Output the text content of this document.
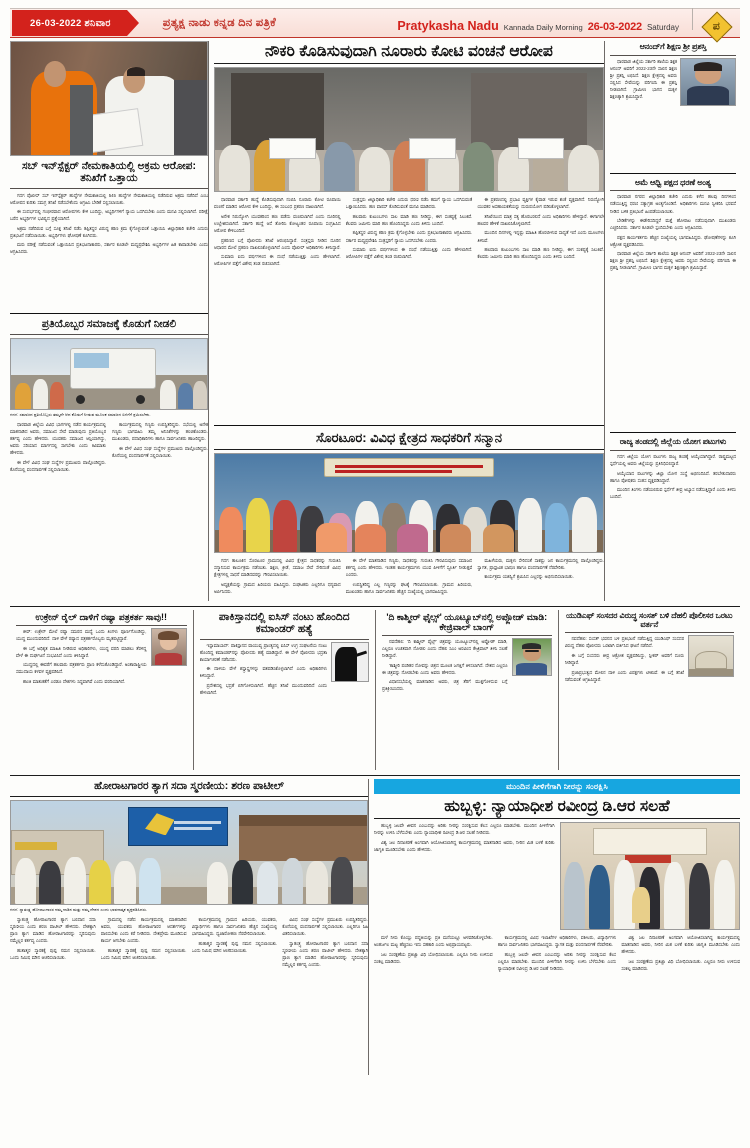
26-03-2022 ಶನಿವಾರ	ಪ್ರತ್ಯಕ್ಷ ನಾಡು ಕನ್ನಡ ದಿನ ಪತ್ರಿಕೆ	Pratykasha Nadu Kannada Daily Morning 26-03-2022 Saturday	ಪ
ಸಬ್ ಇನ್‌ಸ್ಪೆಕ್ಟರ್ ನೇಮಕಾತಿಯಲ್ಲಿ ಅಕ್ರಮ ಆರೋಪ: ತನಿಖೆಗೆ ಒತ್ತಾಯ

ಗದಗ ಪೊಲೀಸ್ ಸಬ್ ಇನ್‌ಸ್ಪೆಕ್ಟರ್ ಹುದ್ದೆಗಳ ನೇಮಕಾತಿಯಲ್ಲಿ 545 ಹುದ್ದೆಗಳ ನೇಮಕಾತಿಯಲ್ಲಿ ನಡೆದಿರುವ ಅಕ್ರಮ ನಡೆದಿದೆ ಎಂಬ ಆರೋಪದ ಕುರಿತು ಸಮಗ್ರ ತನಿಖೆ ನಡೆಸಬೇಕೆಂದು ಆಗ್ರಹಿಸಿ ಬೇಡಿಕೆ ಸಲ್ಲಿಸಲಾಯಿತು.

ಈ ಸಂದರ್ಭದಲ್ಲಿ ಗಂಭೀರವಾದ ಆರೋಪಗಳು ಕೇಳಿ ಬಂದಿದ್ದು, ಅಭ್ಯರ್ಥಿಗಳಿಗೆ ನ್ಯಾಯ ಒದಗಿಸಬೇಕು ಎಂದು ಮನವಿ ಸಲ್ಲಿಸಲಾಗಿದೆ. ಪರೀಕ್ಷೆ ಬರೆದ ಅಭ್ಯರ್ಥಿಗಳ ಭವಿಷ್ಯದ ಪ್ರಶ್ನೆಯಾಗಿದೆ.

ಅಕ್ರಮ ನಡೆದಿರುವ ಬಗ್ಗೆ ಸೂಕ್ತ ತನಿಖೆ ನಡೆಸಿ ತಪ್ಪಿತಸ್ಥರ ವಿರುದ್ಧ ಕಠಿಣ ಕ್ರಮ ಕೈಗೊಳ್ಳುವಂತೆ ಒತ್ತಾಯಿಸಿ ಜಿಲ್ಲಾಧಿಕಾರಿ ಕಚೇರಿ ಎದುರು ಪ್ರತಿಭಟನೆ ನಡೆಸಲಾಯಿತು. ಅಭ್ಯರ್ಥಿಗಳು ಘೋಷಣೆ ಕೂಗಿದರು.

ಮರು ಪರೀಕ್ಷೆ ನಡೆಸುವಂತೆ ಒತ್ತಾಯಿಸಿದ ಪ್ರತಿಭಟನಾಕಾರರು, ಸರ್ಕಾರ ಕೂಡಲೇ ಮಧ್ಯಪ್ರವೇಶಿಸಿ ಅಭ್ಯರ್ಥಿಗಳ ಹಿತ ಕಾಪಾಡಬೇಕು ಎಂದು ಆಗ್ರಹಿಸಿದರು.

ಪ್ರತಿಯೊಬ್ಬರ ಸಮಾಜಕ್ಕೆ ಕೊಡುಗೆ ನೀಡಲಿ
ಗದಗ: ಸಮಾಜದ ಪ್ರತಿಯೊಬ್ಬರು ತಮ್ಮದೇ ಆದ ಕೊಡುಗೆ ನೀಡುವ ಮೂಲಕ ಸಮಾಜದ ಏಳಿಗೆಗೆ ಶ್ರಮಿಸಬೇಕು.

ಧಾರವಾಡ ಜಿಲ್ಲೆಯ ವಿವಿಧ ಭಾಗಗಳಲ್ಲಿ ನಡೆದ ಕಾರ್ಯಕ್ರಮದಲ್ಲಿ ಮಾತನಾಡಿದ ಅವರು, ಸಮಾಜದ ಸೇವೆ ಮಾಡುವುದು ಪ್ರತಿಯೊಬ್ಬರ ಕರ್ತವ್ಯ ಎಂದು ಹೇಳಿದರು. ಯುವಕರು ಸಮಾಜದ ಆಸ್ತಿಯಾಗಿದ್ದು, ಅವರು ಸರಿಯಾದ ಮಾರ್ಗದಲ್ಲಿ ಸಾಗಬೇಕು ಎಂದು ಕಿವಿಮಾತು ಹೇಳಿದರು.

ಈ ವೇಳೆ ವಿವಿಧ ಸಂಘ ಸಂಸ್ಥೆಗಳ ಪ್ರಮುಖರು ಪಾಲ್ಗೊಂಡಿದ್ದರು. ಕೊನೆಯಲ್ಲಿ ವಂದನಾರ್ಪಣೆ ಸಲ್ಲಿಸಲಾಯಿತು.

ಕಾರ್ಯಕ್ರಮದಲ್ಲಿ ಗಣ್ಯರು ಉಪಸ್ಥಿತರಿದ್ದರು. ಸಭೆಯಲ್ಲಿ ಅನೇಕ ಗಣ್ಯರು ಭಾಗವಹಿಸಿ ತಮ್ಮ ಅನಿಸಿಕೆಗಳನ್ನು ಹಂಚಿಕೊಂಡರು. ಮುಖಂಡರು, ಪದಾಧಿಕಾರಿಗಳು ಹಾಗೂ ಸಾರ್ವಜನಿಕರು ಹಾಜರಿದ್ದರು.

ಈ ವೇಳೆ ವಿವಿಧ ಸಂಘ ಸಂಸ್ಥೆಗಳ ಪ್ರಮುಖರು ಪಾಲ್ಗೊಂಡಿದ್ದರು. ಕೊನೆಯಲ್ಲಿ ವಂದನಾರ್ಪಣೆ ಸಲ್ಲಿಸಲಾಯಿತು.

ನೌಕರಿ ಕೊಡಿಸುವುದಾಗಿ ನೂರಾರು ಕೋಟಿ ವಂಚನೆ ಆರೋಪ

ಧಾರವಾಡ ಸರ್ಕಾರಿ ಹುದ್ದೆ ಕೊಡಿಸುವುದಾಗಿ ನಂಬಿಸಿ ನೂರಾರು ಕೋಟಿ ರೂಪಾಯಿ ವಂಚನೆ ಮಾಡಿದ ಆರೋಪ ಕೇಳಿ ಬಂದಿದ್ದು, ಈ ಸಂಬಂಧ ಪ್ರಕರಣ ದಾಖಲಾಗಿದೆ.

ಅನೇಕ ನಿರುದ್ಯೋಗಿ ಯುವಕರಿಂದ ಹಣ ಪಡೆದು ವಂಚಿಸಲಾಗಿದೆ ಎಂದು ದೂರಿನಲ್ಲಿ ಉಲ್ಲೇಖಿಸಲಾಗಿದೆ. ಸರ್ಕಾರಿ ಹುದ್ದೆ ಆಸೆ ತೋರಿಸಿ ಕೋಟ್ಯಂತರ ರೂಪಾಯಿ ಸಂಗ್ರಹಿಸಿದ ಆರೋಪ ಕೇಳಿಬಂದಿದೆ.

ಪ್ರಕರಣದ ಬಗ್ಗೆ ಪೊಲೀಸರು ತನಿಖೆ ಆರಂಭಿಸಿದ್ದಾರೆ. ಸಂತ್ರಸ್ತರು ನೀಡಿದ ದೂರಿನ ಆಧಾರದ ಮೇಲೆ ಪ್ರಕರಣ ದಾಖಲಿಸಿಕೊಳ್ಳಲಾಗಿದೆ ಎಂದು ಪೊಲೀಸ್ ಅಧಿಕಾರಿಗಳು ತಿಳಿಸಿದ್ದಾರೆ.

ಸುಮಾರು ಐದು ವರ್ಷಗಳಿಂದ ಈ ದಂಧೆ ನಡೆಯುತ್ತಿತ್ತು ಎಂದು ಹೇಳಲಾಗಿದೆ. ಆರೋಪಿಗಳ ಪತ್ತೆಗೆ ವಿಶೇಷ ತಂಡ ರಚಿಸಲಾಗಿದೆ.

ಸಂತ್ರಸ್ತರು ಜಿಲ್ಲಾಧಿಕಾರಿ ಕಚೇರಿ ಎದುರು ಧರಣಿ ನಡೆಸಿ ತಮಗೆ ನ್ಯಾಯ ಒದಗಿಸುವಂತೆ ಒತ್ತಾಯಿಸಿದರು. ಹಣ ವಾಪಸ್ ಕೊಡಿಸುವಂತೆ ಮನವಿ ಮಾಡಿದರು.

ಹಲವಾರು ಕುಟುಂಬಗಳು ಸಾಲ ಮಾಡಿ ಹಣ ನೀಡಿದ್ದು, ಈಗ ಸಂಕಷ್ಟಕ್ಕೆ ಸಿಲುಕಿವೆ. ಕೆಲವರು ಜಮೀನು ಮಾರಿ ಹಣ ಹೊಂದಿಸಿದ್ದರು ಎಂದು ತಿಳಿದು ಬಂದಿದೆ.

ತಪ್ಪಿತಸ್ಥರ ವಿರುದ್ಧ ಕಠಿಣ ಕ್ರಮ ಕೈಗೊಳ್ಳಬೇಕು ಎಂದು ಪ್ರತಿಭಟನಾಕಾರರು ಆಗ್ರಹಿಸಿದರು. ಸರ್ಕಾರ ಮಧ್ಯಪ್ರವೇಶಿಸಿ ಸಂತ್ರಸ್ತರಿಗೆ ನ್ಯಾಯ ಒದಗಿಸಬೇಕು ಎಂದರು.

ಸುಮಾರು ಐದು ವರ್ಷಗಳಿಂದ ಈ ದಂಧೆ ನಡೆಯುತ್ತಿತ್ತು ಎಂದು ಹೇಳಲಾಗಿದೆ. ಆರೋಪಿಗಳ ಪತ್ತೆಗೆ ವಿಶೇಷ ತಂಡ ರಚಿಸಲಾಗಿದೆ.

ಈ ಪ್ರಕರಣದಲ್ಲಿ ಪ್ರಭಾವಿ ವ್ಯಕ್ತಿಗಳ ಕೈವಾಡ ಇರುವ ಶಂಕೆ ವ್ಯಕ್ತವಾಗಿದೆ. ನಿರುದ್ಯೋಗಿ ಯುವಕರ ಅಸಹಾಯಕತೆಯನ್ನು ದುರುಪಯೋಗ ಪಡಿಸಿಕೊಳ್ಳಲಾಗಿದೆ.

ತನಿಖೆಯಿಂದ ಮಾತ್ರ ಸತ್ಯ ಹೊರಬರಲಿದೆ ಎಂದು ಅಧಿಕಾರಿಗಳು ಹೇಳಿದ್ದಾರೆ. ಈಗಾಗಲೇ ಹಲವರ ಹೇಳಿಕೆ ದಾಖಲಿಸಿಕೊಳ್ಳಲಾಗಿದೆ.

ಮುಂದಿನ ದಿನಗಳಲ್ಲಿ ಇನ್ನಷ್ಟು ಮಾಹಿತಿ ಹೊರಬೀಳುವ ಸಾಧ್ಯತೆ ಇದೆ ಎಂದು ಮೂಲಗಳು ತಿಳಿಸಿವೆ.

ಹಲವಾರು ಕುಟುಂಬಗಳು ಸಾಲ ಮಾಡಿ ಹಣ ನೀಡಿದ್ದು, ಈಗ ಸಂಕಷ್ಟಕ್ಕೆ ಸಿಲುಕಿವೆ. ಕೆಲವರು ಜಮೀನು ಮಾರಿ ಹಣ ಹೊಂದಿಸಿದ್ದರು ಎಂದು ತಿಳಿದು ಬಂದಿದೆ.

ಸೊರಟೂರ: ವಿವಿಧ ಕ್ಷೇತ್ರದ ಸಾಧಕರಿಗೆ ಸನ್ಮಾನ

ಗದಗ ತಾಲೂಕಿನ ಸೊರಟೂರ ಗ್ರಾಮದಲ್ಲಿ ವಿವಿಧ ಕ್ಷೇತ್ರದ ಸಾಧಕರನ್ನು ಗುರುತಿಸಿ ಸನ್ಮಾನಿಸುವ ಕಾರ್ಯಕ್ರಮ ನಡೆಯಿತು. ಶಿಕ್ಷಣ, ಕ್ರೀಡೆ, ಸಮಾಜ ಸೇವೆ ಸೇರಿದಂತೆ ವಿವಿಧ ಕ್ಷೇತ್ರಗಳಲ್ಲಿ ಸಾಧನೆ ಮಾಡಿದವರನ್ನು ಗೌರವಿಸಲಾಯಿತು.

ಅಧ್ಯಕ್ಷತೆಯನ್ನು ಗ್ರಾಮದ ಹಿರಿಯರು ವಹಿಸಿದ್ದರು. ಸಂಘಟಕರು ಎಲ್ಲರಿಗೂ ಧನ್ಯವಾದ ಅರ್ಪಿಸಿದರು.

ಈ ವೇಳೆ ಮಾತನಾಡಿದ ಗಣ್ಯರು, ಸಾಧಕರನ್ನು ಗುರುತಿಸಿ ಗೌರವಿಸುವುದು ಸಮಾಜದ ಕರ್ತವ್ಯ ಎಂದು ಹೇಳಿದರು. ಇಂತಹ ಕಾರ್ಯಕ್ರಮಗಳು ಯುವ ಪೀಳಿಗೆಗೆ ಸ್ಫೂರ್ತಿ ನೀಡುತ್ತವೆ ಎಂದರು.

ಉಪಸ್ಥಿತರಿದ್ದ ಎಲ್ಲ ಗಣ್ಯರನ್ನು ಘಟಕ್ಕೆ ಗೌರವಿಸಲಾಯಿತು. ಗ್ರಾಮದ ಹಿರಿಯರು, ಮುಖಂಡರು ಹಾಗೂ ಸಾರ್ವಜನಿಕರು ಹೆಚ್ಚಿನ ಸಂಖ್ಯೆಯಲ್ಲಿ ಭಾಗವಹಿಸಿದ್ದರು.

ಮಹಿಳೆಯರು, ಮಕ್ಕಳು ಸೇರಿದಂತೆ ಸಾಕಷ್ಟು ಜನ ಕಾರ್ಯಕ್ರಮದಲ್ಲಿ ಪಾಲ್ಗೊಂಡಿದ್ದರು. ಸ್ವಾಗತ, ಪ್ರಾಸ್ತಾವಿಕ ಭಾಷಣ ಹಾಗೂ ವಂದನಾರ್ಪಣೆ ನೆರವೇರಿತು.

ಕಾರ್ಯಕ್ರಮ ಯಶಸ್ವಿಗೆ ಶ್ರಮಿಸಿದ ಎಲ್ಲರನ್ನು ಅಭಿನಂದಿಸಲಾಯಿತು.

ಆನಂದ್‌ಗೆ ಶಿಕ್ಷಣ ಶ್ರೀ ಪ್ರಶಸ್ತಿ

ಧಾರವಾಡ ಜಿಲ್ಲೆಯ ಸರ್ಕಾರಿ ಶಾಲೆಯ ಶಿಕ್ಷಕ ಆನಂದ್ ಅವರಿಗೆ 2022-23ನೇ ಸಾಲಿನ ಶಿಕ್ಷಣ ಶ್ರೀ ಪ್ರಶಸ್ತಿ ಲಭಿಸಿದೆ. ಶಿಕ್ಷಣ ಕ್ಷೇತ್ರದಲ್ಲಿ ಅವರು ಸಲ್ಲಿಸಿದ ಸೇವೆಯನ್ನು ಪರಿಗಣಿಸಿ ಈ ಪ್ರಶಸ್ತಿ ನೀಡಲಾಗಿದೆ. ಗ್ರಾಮೀಣ ಭಾಗದ ಮಕ್ಕಳ ಶಿಕ್ಷಣಕ್ಕಾಗಿ ಶ್ರಮಿಸಿದ್ದಾರೆ.

ಅಮೆ ಆಧ್ವಿ ಪಕ್ಷದ ಧರಣೆ ಅಂತ್ಯ

ಧಾರವಾಡ ನಗರದ ಜಿಲ್ಲಾಧಿಕಾರಿ ಕಚೇರಿ ಎದುರು ಕಳೆದ ಹಲವು ದಿನಗಳಿಂದ ನಡೆಯುತ್ತಿದ್ದ ಧರಣಿ ಸತ್ಯಾಗ್ರಹ ಅಂತ್ಯಗೊಂಡಿದೆ. ಅಧಿಕಾರಿಗಳು ಮನವಿ ಸ್ವೀಕರಿಸಿ ಭರವಸೆ ನೀಡಿದ ಬಳಿಕ ಪ್ರತಿಭಟನೆ ಹಿಂಪಡೆಯಲಾಯಿತು.

ಬೇಡಿಕೆಗಳನ್ನು ಈಡೇರಿಸದಿದ್ದರೆ ಮತ್ತೆ ಹೋರಾಟ ನಡೆಸುವುದಾಗಿ ಮುಖಂಡರು ಎಚ್ಚರಿಸಿದರು. ಸರ್ಕಾರ ಕೂಡಲೇ ಸ್ಪಂದಿಸಬೇಕು ಎಂದು ಆಗ್ರಹಿಸಿದರು.

ಪಕ್ಷದ ಕಾರ್ಯಕರ್ತರು ಹೆಚ್ಚಿನ ಸಂಖ್ಯೆಯಲ್ಲಿ ಭಾಗವಹಿಸಿದ್ದರು. ಘೋಷಣೆಗಳನ್ನು ಕೂಗಿ ಆಕ್ರೋಶ ವ್ಯಕ್ತಪಡಿಸಿದರು.

ಧಾರವಾಡ ಜಿಲ್ಲೆಯ ಸರ್ಕಾರಿ ಶಾಲೆಯ ಶಿಕ್ಷಕ ಆನಂದ್ ಅವರಿಗೆ 2022-23ನೇ ಸಾಲಿನ ಶಿಕ್ಷಣ ಶ್ರೀ ಪ್ರಶಸ್ತಿ ಲಭಿಸಿದೆ. ಶಿಕ್ಷಣ ಕ್ಷೇತ್ರದಲ್ಲಿ ಅವರು ಸಲ್ಲಿಸಿದ ಸೇವೆಯನ್ನು ಪರಿಗಣಿಸಿ ಈ ಪ್ರಶಸ್ತಿ ನೀಡಲಾಗಿದೆ. ಗ್ರಾಮೀಣ ಭಾಗದ ಮಕ್ಕಳ ಶಿಕ್ಷಣಕ್ಕಾಗಿ ಶ್ರಮಿಸಿದ್ದಾರೆ.

ರಾಜ್ಯ ತಂಡದಲ್ಲಿ ಜಿಲ್ಲೆಯ ಯೋಗ ಪಟುಗಳು

ಗದಗ ಜಿಲ್ಲೆಯ ಯೋಗ ಪಟುಗಳು ರಾಜ್ಯ ತಂಡಕ್ಕೆ ಆಯ್ಕೆಯಾಗಿದ್ದಾರೆ. ರಾಷ್ಟ್ರಮಟ್ಟದ ಸ್ಪರ್ಧೆಯಲ್ಲಿ ಅವರು ಜಿಲ್ಲೆಯನ್ನು ಪ್ರತಿನಿಧಿಸಲಿದ್ದಾರೆ.

ಆಯ್ಕೆಯಾದ ಪಟುಗಳನ್ನು ಜಿಲ್ಲಾ ಯೋಗ ಸಂಸ್ಥೆ ಅಭಿನಂದಿಸಿದೆ. ತರಬೇತುದಾರರು ಹಾಗೂ ಪೋಷಕರು ಸಂತಸ ವ್ಯಕ್ತಪಡಿಸಿದ್ದಾರೆ.

ಮುಂದಿನ ತಿಂಗಳು ನಡೆಯಲಿರುವ ಸ್ಪರ್ಧೆಗೆ ತೀವ್ರ ಅಭ್ಯಾಸ ನಡೆಸುತ್ತಿದ್ದಾರೆ ಎಂದು ತಿಳಿದು ಬಂದಿದೆ.

ಉಕ್ರೇನ್ ರೈಲ್ ದಾಳಿಗೆ ರಷ್ಯಾ ಪತ್ರಕರ್ತ ಸಾವು!!

ಕೀವ್: ಉಕ್ರೇನ್ ಮೇಲೆ ರಷ್ಯಾ ಸಮರದ ಮಧ್ಯೆ ಒಂದು ತಿಂಗಳು ಪೂರ್ಣಗೊಂಡಿದ್ದು, ಯುದ್ಧ ಮುಂದುವರಿದಿದೆ. ದಾಳಿ ವೇಳೆ ರಷ್ಯಾದ ಪತ್ರಕರ್ತರೊಬ್ಬರು ಮೃತಪಟ್ಟಿದ್ದಾರೆ.

ಈ ಬಗ್ಗೆ ಅಧಿಕೃತ ಮಾಹಿತಿ ನೀಡಿರುವ ಅಧಿಕಾರಿಗಳು, ಯುದ್ಧ ವರದಿ ಮಾಡಲು ತೆರಳಿದ್ದ ವೇಳೆ ಈ ದುರ್ಘಟನೆ ಸಂಭವಿಸಿದೆ ಎಂದು ತಿಳಿಸಿದ್ದಾರೆ.

ಯುದ್ಧದಲ್ಲಿ ಈವರೆಗೆ ಹಲವಾರು ಪತ್ರಕರ್ತರು ಪ್ರಾಣ ಕಳೆದುಕೊಂಡಿದ್ದಾರೆ. ಅಂತಾರಾಷ್ಟ್ರೀಯ ಸಮುದಾಯ ಕಳವಳ ವ್ಯಕ್ತಪಡಿಸಿದೆ.

ಶಾಂತಿ ಮಾತುಕತೆಗೆ ಎರಡೂ ದೇಶಗಳು ಸಿದ್ಧವಾಗಿವೆ ಎಂದು ವರದಿಯಾಗಿದೆ.

ಪಾಕಿಸ್ತಾನದಲ್ಲಿ ಐಸಿಸ್ ನಂಟು ಹೊಂದಿದ ಕಮಾಂಡರ್ ಹತ್ಯೆ

ಇಸ್ಲಾಮಾಬಾದ್: ಪಾಕಿಸ್ತಾನದ ವಾಯುವ್ಯ ಪ್ರಾಂತ್ಯದಲ್ಲಿ ಐಸಿಸ್ ಉಗ್ರ ಸಂಘಟನೆಯ ನಂಟು ಹೊಂದಿದ್ದ ಕಮಾಂಡರ್‌ನನ್ನು ಪೊಲೀಸರು ಹತ್ಯೆ ಮಾಡಿದ್ದಾರೆ. ಈ ವೇಳೆ ಪೊಲೀಸರು ಭದ್ರತಾ ಕಾರ್ಯಾಚರಣೆ ನಡೆಸಿದರು.

ಈ ದಾಳಿಯ ವೇಳೆ ಶಸ್ತ್ರಾಸ್ತ್ರಗಳನ್ನು ವಶಪಡಿಸಿಕೊಳ್ಳಲಾಗಿದೆ ಎಂದು ಅಧಿಕಾರಿಗಳು ತಿಳಿಸಿದ್ದಾರೆ.

ಪ್ರದೇಶದಲ್ಲಿ ಭದ್ರತೆ ಬಿಗಿಗೊಳಿಸಲಾಗಿದೆ. ಹೆಚ್ಚಿನ ತನಿಖೆ ಮುಂದುವರಿದಿದೆ ಎಂದು ಹೇಳಲಾಗಿದೆ.

'ದಿ ಕಾಶ್ಮೀರ್ ಫೈಲ್ಸ್' ಯೂಟ್ಯೂಬ್‌ನಲ್ಲಿ ಅಪ್ಲೋಡ್ ಮಾಡಿ: ಕೇಜ್ರಿವಾಲ್ ಬಾಂಗ್

ನವದೆಹಲಿ: 'ದಿ ಕಾಶ್ಮೀರ್ ಫೈಲ್ಸ್' ಚಿತ್ರವನ್ನು ಯೂಟ್ಯೂಬ್‌ನಲ್ಲಿ ಅಪ್ಲೋಡ್ ಮಾಡಿ, ಎಲ್ಲರೂ ಉಚಿತವಾಗಿ ನೋಡಲಿ ಎಂದು ದೆಹಲಿ ಸಿಎಂ ಅರವಿಂದ ಕೇಜ್ರಿವಾಲ್ ತಿಳಿಸಿ ಸಲಹೆ ನೀಡಿದ್ದಾರೆ.

'ಕಾಶ್ಮೀರಿ ಪಂಡಿತರ ನೋವನ್ನು ಚಿತ್ರದ ಮೂಲಕ ಜಗತ್ತಿಗೆ ತಿಳಿಸಲಾಗಿದೆ. ದೇಶದ ಎಲ್ಲರೂ ಈ ಚಿತ್ರವನ್ನು ನೋಡಬೇಕು ಎಂದು ಅವರು ಹೇಳಿದರು.

ವಿಧಾನಸಭೆಯಲ್ಲಿ ಮಾತನಾಡಿದ ಅವರು, ಚಿತ್ರ ತೆರಿಗೆ ಮುಕ್ತಗೊಳಿಸುವ ಬಗ್ಗೆ ಪ್ರತಿಕ್ರಿಯಿಸಿದರು.

ಯುಡಿಎಫ್ ಸಂಸದರ ವಿರುದ್ಧ ಸಂಸತ್ ಬಳಿ ದೆಹಲಿ ಪೊಲೀಸರ ಒರಟು ವರ್ತನೆ

ನವದೆಹಲಿ: ಸಂಸತ್ ಭವನದ ಬಳಿ ಪ್ರತಿಭಟನೆ ನಡೆಸುತ್ತಿದ್ದ ಯುಡಿಎಫ್ ಸಂಸದರ ವಿರುದ್ಧ ದೆಹಲಿ ಪೊಲೀಸರು ಒರಟಾಗಿ ವರ್ತಿಸಿದ ಘಟನೆ ನಡೆದಿದೆ.

ಈ ಬಗ್ಗೆ ಸಂಸದರು ತೀವ್ರ ಆಕ್ರೋಶ ವ್ಯಕ್ತಪಡಿಸಿದ್ದು, ಸ್ಪೀಕರ್ ಅವರಿಗೆ ದೂರು ನೀಡಿದ್ದಾರೆ.

ಪ್ರಜಾಪ್ರಭುತ್ವದ ಮೇಲಿನ ದಾಳಿ ಎಂದು ವಿಪಕ್ಷಗಳು ಟೀಕಿಸಿವೆ. ಈ ಬಗ್ಗೆ ತನಿಖೆ ನಡೆಸುವಂತೆ ಆಗ್ರಹಿಸಿದ್ದಾರೆ.

ಹೋರಾಟಗಾರರ ತ್ಯಾಗ ಸದಾ ಸ್ಮರಣೀಯ: ಶರಣ ಪಾಟೀಲ್
ಗದಗ: ಸ್ವಾತಂತ್ರ್ಯ ಹೋರಾಟಗಾರರ ನಮ್ಮ ನಾಡಿನ ಮತ್ತು ನಮ್ಮ ದೇಶದ ಎಂದು ಭಾವನಾತ್ಮಕ ವ್ಯಕ್ತಪಡಿಸಿದರು.

ಸ್ವಾತಂತ್ರ್ಯ ಹೋರಾಟಗಾರರ ತ್ಯಾಗ ಬಲಿದಾನ ಸದಾ ಸ್ಮರಣೀಯ ಎಂದು ಶರಣ ಪಾಟೀಲ್ ಹೇಳಿದರು. ದೇಶಕ್ಕಾಗಿ ಪ್ರಾಣ ತ್ಯಾಗ ಮಾಡಿದ ಹೋರಾಟಗಾರರನ್ನು ಸ್ಮರಿಸುವುದು ನಮ್ಮೆಲ್ಲರ ಕರ್ತವ್ಯ ಎಂದರು.

ಹುತಾತ್ಮರ ಸ್ಮಾರಕಕ್ಕೆ ಪುಷ್ಪ ನಮನ ಸಲ್ಲಿಸಲಾಯಿತು. ಒಂದು ನಿಮಿಷ ಮೌನ ಆಚರಿಸಲಾಯಿತು.

ಗ್ರಾಮದಲ್ಲಿ ನಡೆದ ಕಾರ್ಯಕ್ರಮದಲ್ಲಿ ಮಾತನಾಡಿದ ಅವರು, ಯುವಕರು ಹೋರಾಟಗಾರರ ಆದರ್ಶಗಳನ್ನು ಪಾಲಿಸಬೇಕು ಎಂದು ಕರೆ ನೀಡಿದರು. ದೇಶಪ್ರೇಮ ಮೂಡಿಸುವ ಕಾರ್ಯ ಆಗಬೇಕು ಎಂದರು.

ಹುತಾತ್ಮರ ಸ್ಮಾರಕಕ್ಕೆ ಪುಷ್ಪ ನಮನ ಸಲ್ಲಿಸಲಾಯಿತು. ಒಂದು ನಿಮಿಷ ಮೌನ ಆಚರಿಸಲಾಯಿತು.

ಕಾರ್ಯಕ್ರಮದಲ್ಲಿ ಗ್ರಾಮದ ಹಿರಿಯರು, ಯುವಕರು, ವಿದ್ಯಾರ್ಥಿಗಳು ಹಾಗೂ ಸಾರ್ವಜನಿಕರು ಹೆಚ್ಚಿನ ಸಂಖ್ಯೆಯಲ್ಲಿ ಭಾಗವಹಿಸಿದ್ದರು. ಧ್ವಜಾರೋಹಣ ನೆರವೇರಿಸಲಾಯಿತು.

ಹುತಾತ್ಮರ ಸ್ಮಾರಕಕ್ಕೆ ಪುಷ್ಪ ನಮನ ಸಲ್ಲಿಸಲಾಯಿತು. ಒಂದು ನಿಮಿಷ ಮೌನ ಆಚರಿಸಲಾಯಿತು.

ವಿವಿಧ ಸಂಘ ಸಂಸ್ಥೆಗಳ ಪ್ರಮುಖರು ಉಪಸ್ಥಿತರಿದ್ದರು. ಕೊನೆಯಲ್ಲಿ ವಂದನಾರ್ಪಣೆ ಸಲ್ಲಿಸಲಾಯಿತು. ಎಲ್ಲರಿಗೂ ಸಿಹಿ ವಿತರಿಸಲಾಯಿತು.

ಸ್ವಾತಂತ್ರ್ಯ ಹೋರಾಟಗಾರರ ತ್ಯಾಗ ಬಲಿದಾನ ಸದಾ ಸ್ಮರಣೀಯ ಎಂದು ಶರಣ ಪಾಟೀಲ್ ಹೇಳಿದರು. ದೇಶಕ್ಕಾಗಿ ಪ್ರಾಣ ತ್ಯಾಗ ಮಾಡಿದ ಹೋರಾಟಗಾರರನ್ನು ಸ್ಮರಿಸುವುದು ನಮ್ಮೆಲ್ಲರ ಕರ್ತವ್ಯ ಎಂದರು.

ಮುಂದಿನ ಪೀಳಿಗೆಗಾಗಿ ನೀರನ್ನು ಸಂರಕ್ಷಿಸಿ
ಹುಬ್ಬಳ್ಳಿ: ನ್ಯಾಯಾಧೀಶ ರವೀಂದ್ರ ಡಿ.ಆರ ಸಲಹೆ

ಹುಬ್ಬಳ್ಳಿ ಜಲವೇ ಜೀವನ ಎಂಬುದನ್ನು ಅರಿತು ನೀರನ್ನು ಸಂರಕ್ಷಿಸುವ ಕೆಲಸ ಎಲ್ಲರೂ ಮಾಡಬೇಕು. ಮುಂದಿನ ಪೀಳಿಗೆಗಾಗಿ ನೀರನ್ನು ಉಳಿಸಿ ಬೆಳೆಸಬೇಕು ಎಂದು ನ್ಯಾಯಾಧೀಶ ರವೀಂದ್ರ ಡಿ.ಆರ ಸಲಹೆ ನೀಡಿದರು.

ವಿಶ್ವ ಜಲ ದಿನಾಚರಣೆ ಅಂಗವಾಗಿ ಆಯೋಜಿಸಲಾಗಿದ್ದ ಕಾರ್ಯಕ್ರಮದಲ್ಲಿ ಮಾತನಾಡಿದ ಅವರು, ನೀರಿನ ಮಿತ ಬಳಕೆ ಕುರಿತು ಜಾಗೃತಿ ಮೂಡಿಸಬೇಕು ಎಂದು ಹೇಳಿದರು.

ಮಳೆ ನೀರು ಕೊಯ್ಲು ಪದ್ಧತಿಯನ್ನು ಪ್ರತಿ ಮನೆಯಲ್ಲೂ ಅಳವಡಿಸಿಕೊಳ್ಳಬೇಕು. ಅಂತರ್ಜಲ ಮಟ್ಟ ಹೆಚ್ಚಿಸಲು ಇದು ಸಹಕಾರಿ ಎಂದು ಅಭಿಪ್ರಾಯಪಟ್ಟರು.

ಜಲ ಸಂರಕ್ಷಣೆಯ ಪ್ರತಿಜ್ಞಾ ವಿಧಿ ಬೋಧಿಸಲಾಯಿತು. ಎಲ್ಲರೂ ನೀರು ಉಳಿಸುವ ಸಂಕಲ್ಪ ಮಾಡಿದರು.

ಕಾರ್ಯಕ್ರಮದಲ್ಲಿ ವಿವಿಧ ಇಲಾಖೆಗಳ ಅಧಿಕಾರಿಗಳು, ವಕೀಲರು, ವಿದ್ಯಾರ್ಥಿಗಳು ಹಾಗೂ ಸಾರ್ವಜನಿಕರು ಭಾಗವಹಿಸಿದ್ದರು. ಸ್ವಾಗತ ಮತ್ತು ವಂದನಾರ್ಪಣೆ ನೆರವೇರಿತು.

ಹುಬ್ಬಳ್ಳಿ ಜಲವೇ ಜೀವನ ಎಂಬುದನ್ನು ಅರಿತು ನೀರನ್ನು ಸಂರಕ್ಷಿಸುವ ಕೆಲಸ ಎಲ್ಲರೂ ಮಾಡಬೇಕು. ಮುಂದಿನ ಪೀಳಿಗೆಗಾಗಿ ನೀರನ್ನು ಉಳಿಸಿ ಬೆಳೆಸಬೇಕು ಎಂದು ನ್ಯಾಯಾಧೀಶ ರವೀಂದ್ರ ಡಿ.ಆರ ಸಲಹೆ ನೀಡಿದರು.

ವಿಶ್ವ ಜಲ ದಿನಾಚರಣೆ ಅಂಗವಾಗಿ ಆಯೋಜಿಸಲಾಗಿದ್ದ ಕಾರ್ಯಕ್ರಮದಲ್ಲಿ ಮಾತನಾಡಿದ ಅವರು, ನೀರಿನ ಮಿತ ಬಳಕೆ ಕುರಿತು ಜಾಗೃತಿ ಮೂಡಿಸಬೇಕು ಎಂದು ಹೇಳಿದರು.

ಜಲ ಸಂರಕ್ಷಣೆಯ ಪ್ರತಿಜ್ಞಾ ವಿಧಿ ಬೋಧಿಸಲಾಯಿತು. ಎಲ್ಲರೂ ನೀರು ಉಳಿಸುವ ಸಂಕಲ್ಪ ಮಾಡಿದರು.
